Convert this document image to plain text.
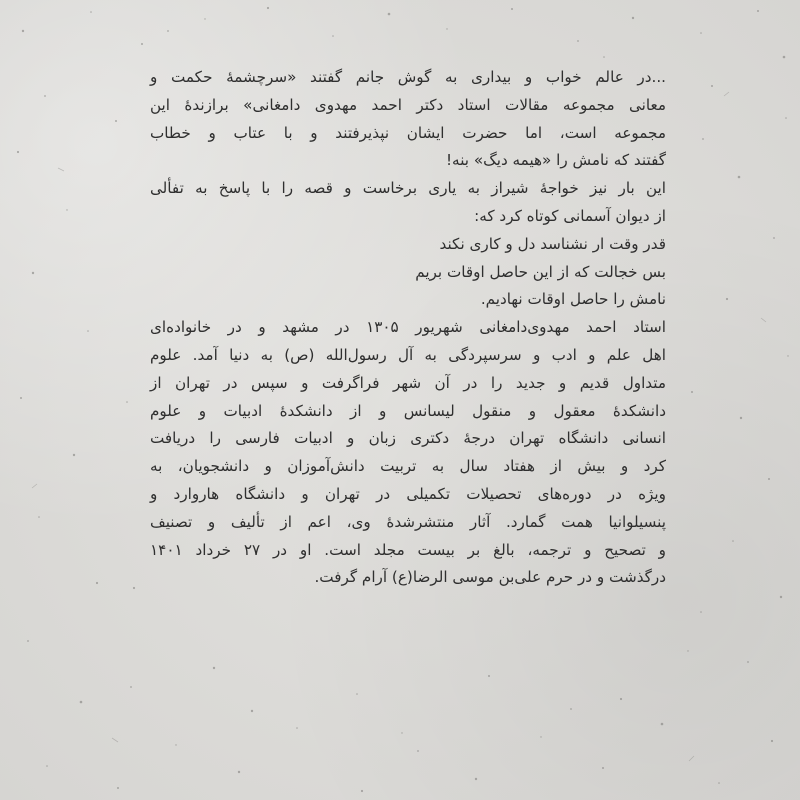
...در عالم خواب و بیداری به گوش جانم گفتند «سرچشمهٔ حکمت و
معانی مجموعه مقالات استاد دکتر احمد مهدوی دامغانی» برازندهٔ این
مجموعه است، اما حضرت ایشان نپذیرفتند و با عتاب و خطاب
گفتند که نامش را «هیمه دیگ» بنه!

این بار نیز خواجهٔ شیراز به یاری برخاست و قصه را با پاسخ به تفألی
از دیوان آسمانی کوتاه کرد که:

قدر وقت ار نشناسد دل و کاری نکند
بس خجالت که از این حاصل اوقات بریم

نامش را حاصل اوقات نهادیم.

استاد احمد مهدوی‌دامغانی شهریور ۱۳۰۵ در مشهد و در خانواده‌ای
اهل علم و ادب و سرسپردگی به آل رسول‌الله (ص) به دنیا آمد. علوم
متداول قدیم و جدید را در آن شهر فراگرفت و سپس در تهران از
دانشکدهٔ معقول و منقول لیسانس و از دانشکدهٔ ادبیات و علوم
انسانی دانشگاه تهران درجهٔ دکتری زبان و ادبیات فارسی را دریافت
کرد و بیش از هفتاد سال به تربیت دانش‌آموزان و دانشجویان، به
ویژه در دوره‌های تحصیلات تکمیلی در تهران و دانشگاه هاروارد و
پنسیلوانیا همت گمارد. آثار منتشرشدهٔ وی، اعم از تألیف و تصنیف
و تصحیح و ترجمه، بالغ بر بیست مجلد است. او در ۲۷ خرداد ۱۴۰۱
درگذشت و در حرم علی‌بن موسی الرضا(ع) آرام گرفت.
